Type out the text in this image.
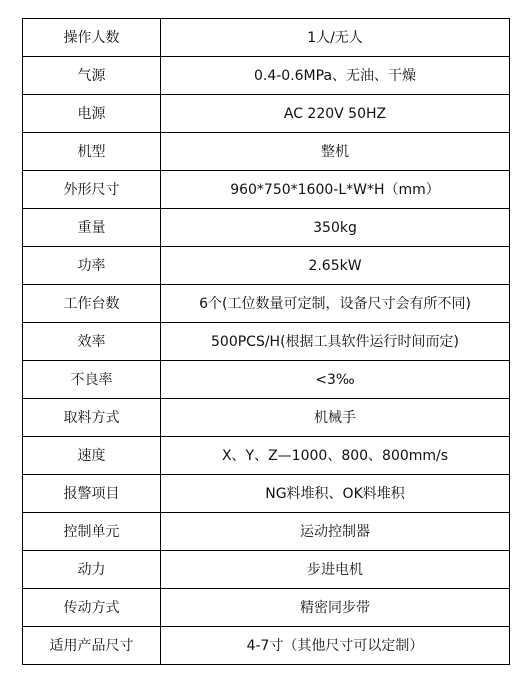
操作人数	1人/无人
气源	0.4-0.6MPa、无油、干燥
电源	AC 220V 50HZ
机型	整机
外形尺寸	960*750*1600-L*W*H（mm）
重量	350kg
功率	2.65kW
工作台数	6个(工位数量可定制，设备尺寸会有所不同)
效率	500PCS/H(根据工具软件运行时间而定)
不良率	<3‰
取料方式	机械手
速度	X、Y、Z—1000、800、800mm/s
报警项目	NG料堆积、OK料堆积
控制单元	运动控制器
动力	步进电机
传动方式	精密同步带
适用产品尺寸	4-7寸（其他尺寸可以定制）
